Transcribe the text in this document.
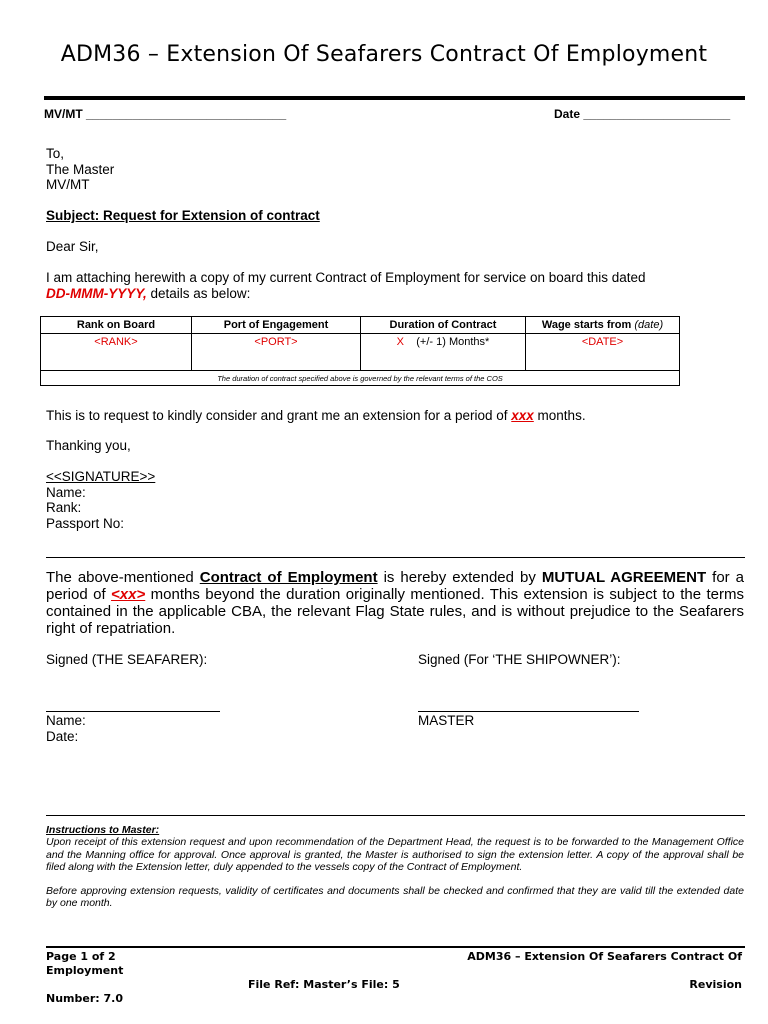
ADM36 – Extension Of Seafarers Contract Of Employment
MV/MT ______________________________	Date ______________________
To,
The Master
MV/MT
Subject: Request for Extension of contract
Dear Sir,
I am attaching herewith a copy of my current Contract of Employment for service on board this dated
DD-MMM-YYYY, details as below:
Rank on Board	Port of Engagement	Duration of Contract	Wage starts from (date)
<RANK>	<PORT>	X (+/- 1) Months*	<DATE>
The duration of contract specified above is governed by the relevant terms of the COS			
This is to request to kindly consider and grant me an extension for a period of xxx months.
Thanking you,
<<SIGNATURE>>
Name:
Rank:
Passport No:
The above-mentioned Contract of Employment is hereby extended by MUTUAL AGREEMENT for a period of <xx> months beyond the duration originally mentioned. This extension is subject to the terms contained in the applicable CBA, the relevant Flag State rules, and is without prejudice to the Seafarers right of repatriation.
Signed (THE SEAFARER):	Signed (For ‘THE SHIPOWNER’):
Name:
Date:
MASTER
Instructions to Master:
Upon receipt of this extension request and upon recommendation of the Department Head, the request is to be forwarded to the Management Office and the Manning office for approval. Once approval is granted, the Master is authorised to sign the extension letter. A copy of the approval shall be filed along with the Extension letter, duly appended to the vessels copy of the Contract of Employment.
Before approving extension requests, validity of certificates and documents shall be checked and confirmed that they are valid till the extended date by one month.
Page 1 of 2	ADM36 – Extension Of Seafarers Contract Of
Employment
File Ref: Master’s File: 5	Revision
Number: 7.0
